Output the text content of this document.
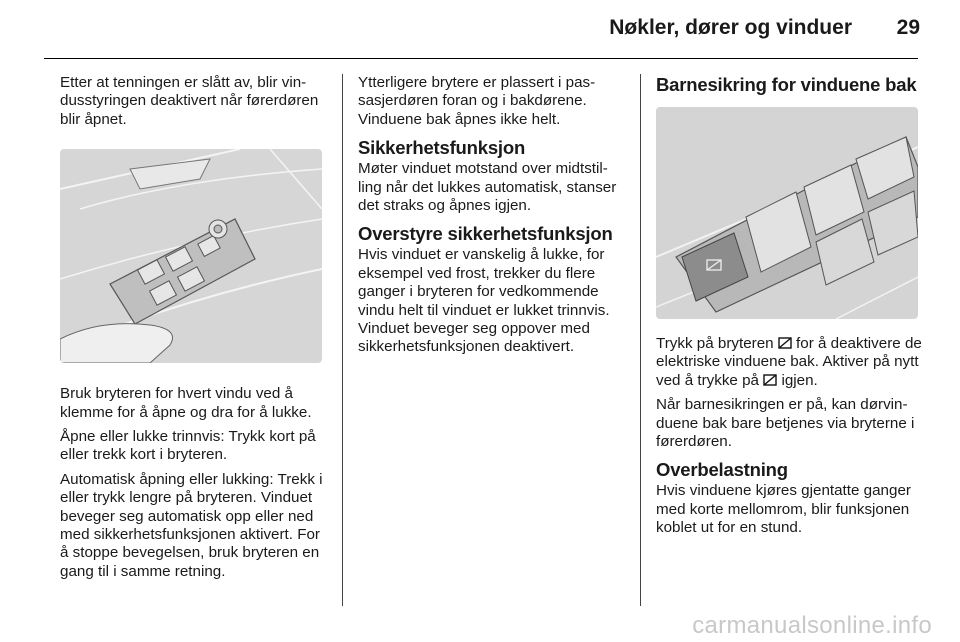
Nøkler, dører og vinduer 29

Etter at tenningen er slått av, blir vindusstyringen deaktivert når førerdøren blir åpnet.

Bruk bryteren for hvert vindu ved å klemme for å åpne og dra for å lukke.

Åpne eller lukke trinnvis: Trykk kort på eller trekk kort i bryteren.

Automatisk åpning eller lukking: Trekk i eller trykk lengre på bryteren. Vinduet beveger seg automatisk opp eller ned med sikkerhetsfunksjonen aktivert. For å stoppe bevegelsen, bruk bryteren en gang til i samme retning.

Ytterligere brytere er plassert i passasjerdøren foran og i bakdørene. Vinduene bak åpnes ikke helt.

Sikkerhetsfunksjon

Møter vinduet motstand over midtstilling når det lukkes automatisk, stanser det straks og åpnes igjen.

Overstyre sikkerhetsfunksjon

Hvis vinduet er vanskelig å lukke, for eksempel ved frost, trekker du flere ganger i bryteren for vedkommende vindu helt til vinduet er lukket trinnvis. Vinduet beveger seg oppover med sikkerhetsfunksjonen deaktivert.

Barnesikring for vinduene bak

Trykk på bryteren  for å deaktivere de elektriske vinduene bak. Aktiver på nytt ved å trykke på  igjen.

Når barnesikringen er på, kan dørvinduene bak bare betjenes via bryterne i førerdøren.

Overbelastning

Hvis vinduene kjøres gjentatte ganger med korte mellomrom, blir funksjonen koblet ut for en stund.

carmanualsonline.info
